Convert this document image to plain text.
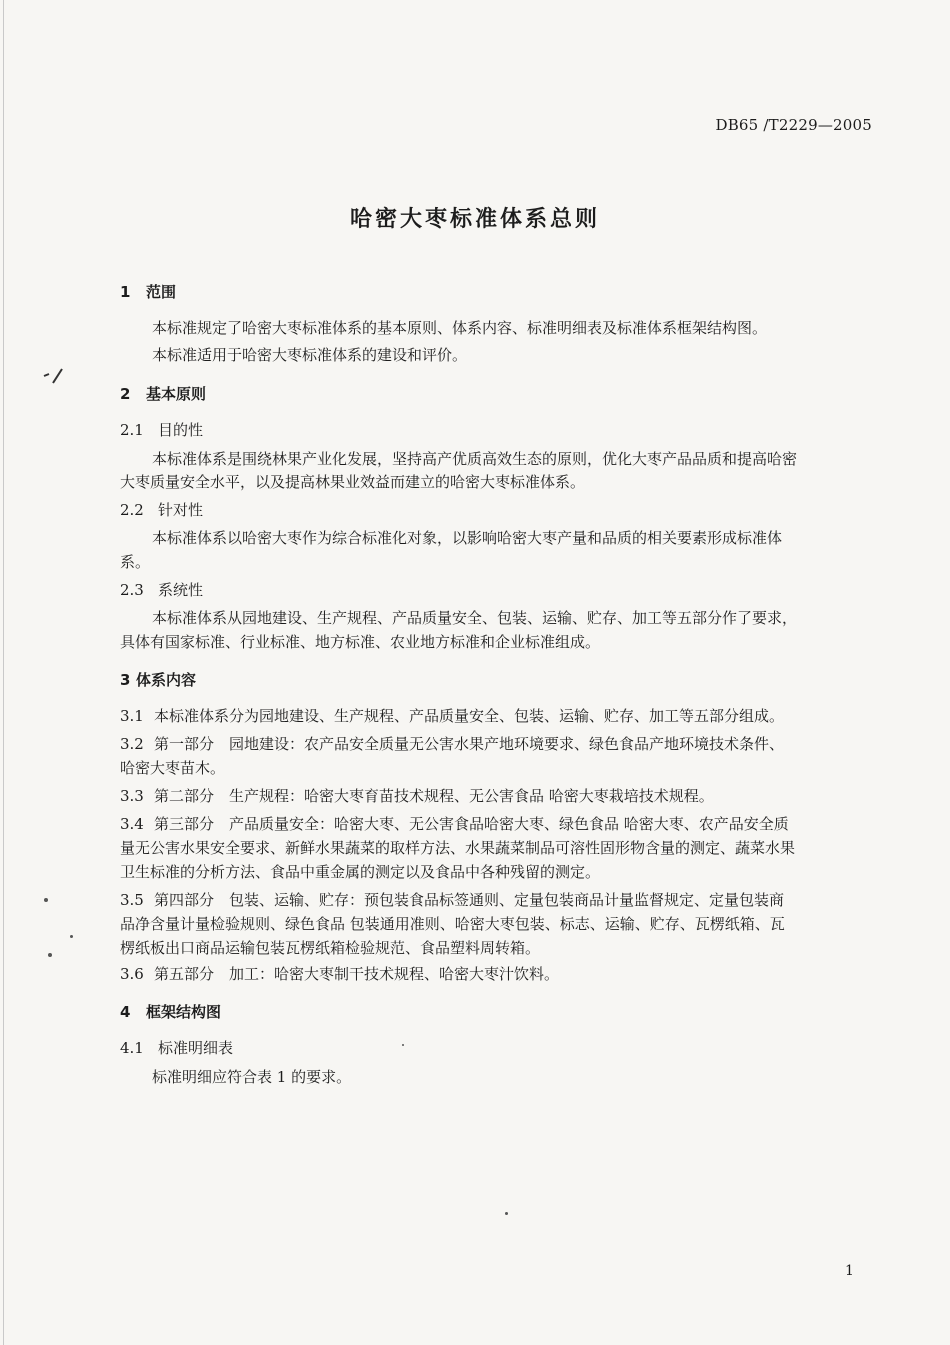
DB65 /T2229—2005
哈密大枣标准体系总则
1 范围
本标准规定了哈密大枣标准体系的基本原则、体系内容、标准明细表及标准体系框架结构图。
本标准适用于哈密大枣标准体系的建设和评价。
2 基本原则
2.1 目的性
本标准体系是围绕林果产业化发展，坚持高产优质高效生态的原则，优化大枣产品品质和提高哈密
大枣质量安全水平，以及提高林果业效益而建立的哈密大枣标准体系。
2.2 针对性
本标准体系以哈密大枣作为综合标准化对象，以影响哈密大枣产量和品质的相关要素形成标准体
系。
2.3 系统性
本标准体系从园地建设、生产规程、产品质量安全、包装、运输、贮存、加工等五部分作了要求，
具体有国家标准、行业标准、地方标准、农业地方标准和企业标准组成。
3 体系内容
3.1 本标准体系分为园地建设、生产规程、产品质量安全、包装、运输、贮存、加工等五部分组成。
3.2 第一部分　园地建设：农产品安全质量无公害水果产地环境要求、绿色食品产地环境技术条件、
哈密大枣苗木。
3.3 第二部分　生产规程：哈密大枣育苗技术规程、无公害食品 哈密大枣栽培技术规程。
3.4 第三部分　产品质量安全：哈密大枣、无公害食品哈密大枣、绿色食品 哈密大枣、农产品安全质
量无公害水果安全要求、新鲜水果蔬菜的取样方法、水果蔬菜制品可溶性固形物含量的测定、蔬菜水果
卫生标准的分析方法、食品中重金属的测定以及食品中各种残留的测定。
3.5 第四部分　包装、运输、贮存：预包装食品标签通则、定量包装商品计量监督规定、定量包装商
品净含量计量检验规则、绿色食品 包装通用准则、哈密大枣包装、标志、运输、贮存、瓦楞纸箱、瓦
楞纸板出口商品运输包装瓦楞纸箱检验规范、食品塑料周转箱。
3.6 第五部分　加工：哈密大枣制干技术规程、哈密大枣汁饮料。
4 框架结构图
4.1 标准明细表
标准明细应符合表 1 的要求。
1
